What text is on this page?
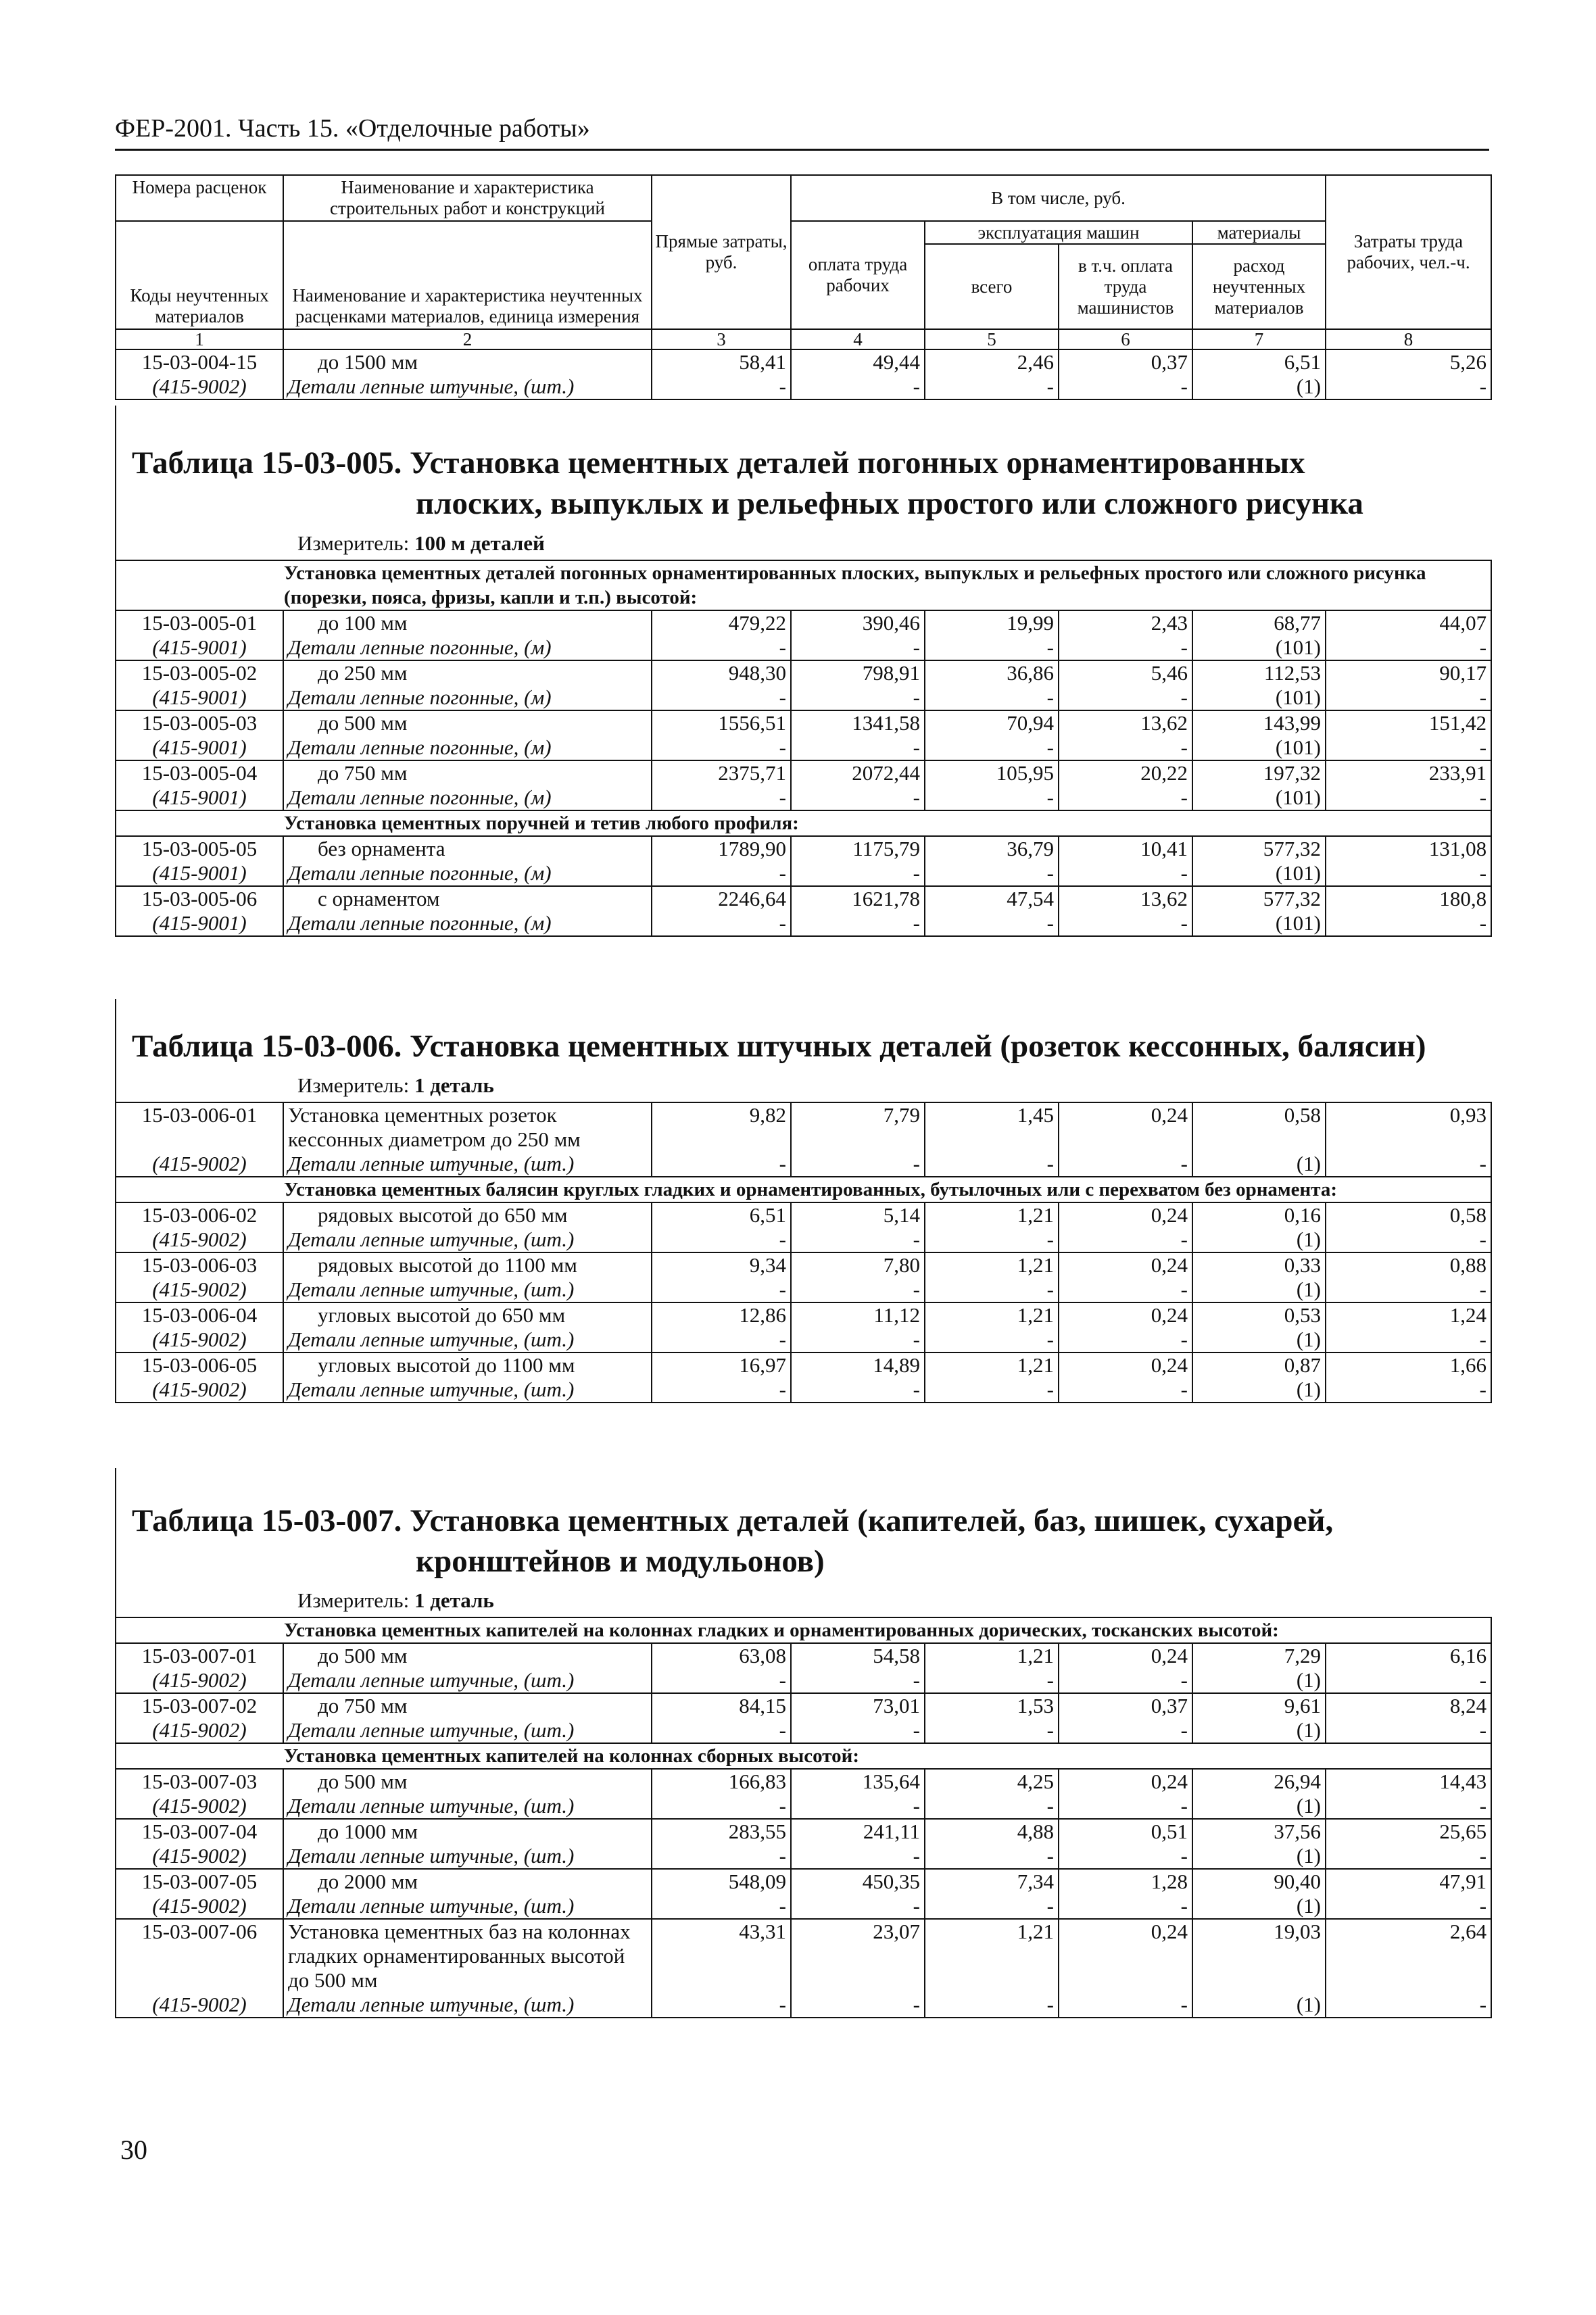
ФЕР-2001. Часть 15. «Отделочные работы»
Номера расценок	Наименование и характеристика строительных работ и конструкций	Прямые затраты, руб.	В том числе, руб.				Затраты труда рабочих, чел.-ч.
Коды неучтенных материалов	Наименование и характеристика неучтенных расценками материалов, единица измерения		оплата труда рабочих	эксплуатация машин		материалы	
				всего	в т.ч. оплата труда машинистов	расход неучтенных материалов	
1	2	3	4	5	6	7	8
15-03-004-15	до 1500 мм	58,41	49,44	2,46	0,37	6,51	5,26
(415-9002)	Детали лепные штучные, (шт.)	-	-	-	-	(1)	-
Таблица 15-03-005. Установка цементных деталей погонных орнаментированных
плоских, выпуклых и рельефных простого или сложного рисунка
Измеритель: 100 м деталей
Установка цементных деталей погонных орнаментированных плоских, выпуклых и рельефных простого или сложного рисунка (порезки, пояса, фризы, капли и т.п.) высотой:							
15-03-005-01	до 100 мм	479,22	390,46	19,99	2,43	68,77	44,07
(415-9001)	Детали лепные погонные, (м)	-	-	-	-	(101)	-
15-03-005-02	до 250 мм	948,30	798,91	36,86	5,46	112,53	90,17
(415-9001)	Детали лепные погонные, (м)	-	-	-	-	(101)	-
15-03-005-03	до 500 мм	1556,51	1341,58	70,94	13,62	143,99	151,42
(415-9001)	Детали лепные погонные, (м)	-	-	-	-	(101)	-
15-03-005-04	до 750 мм	2375,71	2072,44	105,95	20,22	197,32	233,91
(415-9001)	Детали лепные погонные, (м)	-	-	-	-	(101)	-
Установка цементных поручней и тетив любого профиля:							
15-03-005-05	без орнамента	1789,90	1175,79	36,79	10,41	577,32	131,08
(415-9001)	Детали лепные погонные, (м)	-	-	-	-	(101)	-
15-03-005-06	с орнаментом	2246,64	1621,78	47,54	13,62	577,32	180,8
(415-9001)	Детали лепные погонные, (м)	-	-	-	-	(101)	-
Таблица 15-03-006. Установка цементных штучных деталей (розеток кессонных, балясин)
Измеритель: 1 деталь
15-03-006-01	Установка цементных розеток кессонных диаметром до 250 мм	9,82	7,79	1,45	0,24	0,58	0,93
(415-9002)	Детали лепные штучные, (шт.)	-	-	-	-	(1)	-
Установка цементных балясин круглых гладких и орнаментированных, бутылочных или с перехватом без орнамента:							
15-03-006-02	рядовых высотой до 650 мм	6,51	5,14	1,21	0,24	0,16	0,58
(415-9002)	Детали лепные штучные, (шт.)	-	-	-	-	(1)	-
15-03-006-03	рядовых высотой до 1100 мм	9,34	7,80	1,21	0,24	0,33	0,88
(415-9002)	Детали лепные штучные, (шт.)	-	-	-	-	(1)	-
15-03-006-04	угловых высотой до 650 мм	12,86	11,12	1,21	0,24	0,53	1,24
(415-9002)	Детали лепные штучные, (шт.)	-	-	-	-	(1)	-
15-03-006-05	угловых высотой до 1100 мм	16,97	14,89	1,21	0,24	0,87	1,66
(415-9002)	Детали лепные штучные, (шт.)	-	-	-	-	(1)	-
Таблица 15-03-007. Установка цементных деталей (капителей, баз, шишек, сухарей,
кронштейнов и модульонов)
Измеритель: 1 деталь
Установка цементных капителей на колоннах гладких и орнаментированных дорических, тосканских высотой:							
15-03-007-01	до 500 мм	63,08	54,58	1,21	0,24	7,29	6,16
(415-9002)	Детали лепные штучные, (шт.)	-	-	-	-	(1)	-
15-03-007-02	до 750 мм	84,15	73,01	1,53	0,37	9,61	8,24
(415-9002)	Детали лепные штучные, (шт.)	-	-	-	-	(1)	-
Установка цементных капителей на колоннах сборных высотой:							
15-03-007-03	до 500 мм	166,83	135,64	4,25	0,24	26,94	14,43
(415-9002)	Детали лепные штучные, (шт.)	-	-	-	-	(1)	-
15-03-007-04	до 1000 мм	283,55	241,11	4,88	0,51	37,56	25,65
(415-9002)	Детали лепные штучные, (шт.)	-	-	-	-	(1)	-
15-03-007-05	до 2000 мм	548,09	450,35	7,34	1,28	90,40	47,91
(415-9002)	Детали лепные штучные, (шт.)	-	-	-	-	(1)	-
15-03-007-06	Установка цементных баз на колоннах гладких орнаментированных высотой до 500 мм	43,31	23,07	1,21	0,24	19,03	2,64
(415-9002)	Детали лепные штучные, (шт.)	-	-	-	-	(1)	-
30
